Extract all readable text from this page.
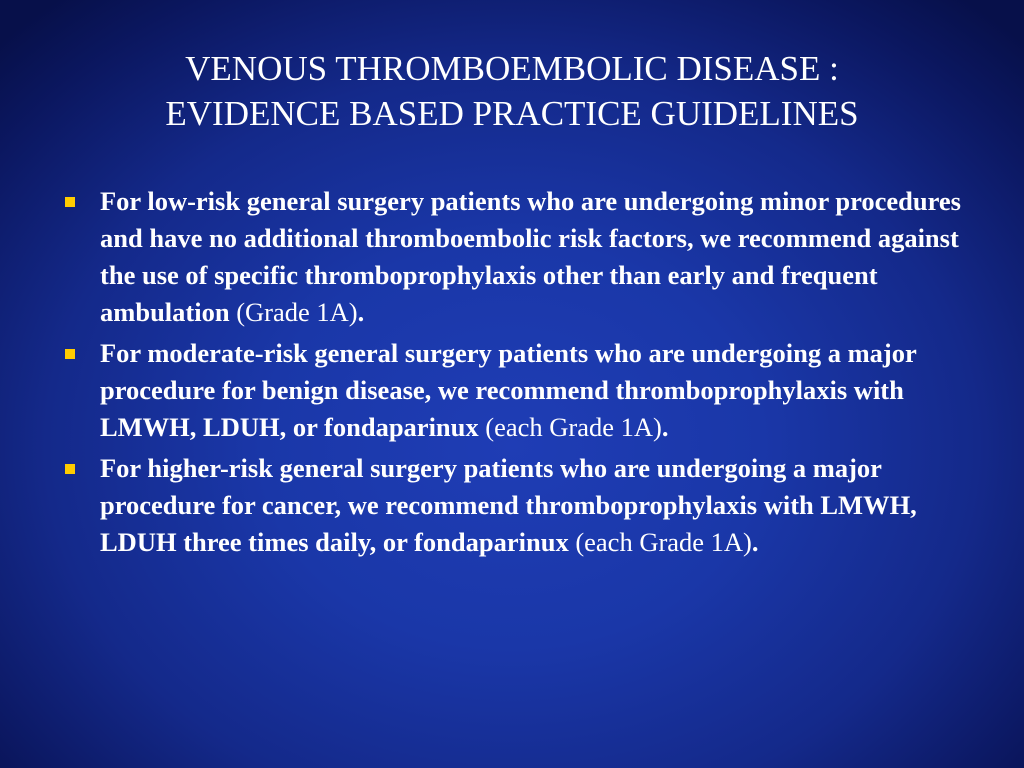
VENOUS THROMBOEMBOLIC DISEASE :
EVIDENCE BASED PRACTICE GUIDELINES
For low-risk general surgery patients who are undergoing minor procedures and have no additional thromboembolic risk factors, we recommend against the use of specific thromboprophylaxis other than early and frequent ambulation (Grade 1A).
For moderate-risk general surgery patients who are undergoing a major procedure for benign disease, we recommend thromboprophylaxis with LMWH, LDUH, or fondaparinux (each Grade 1A).
For higher-risk general surgery patients who are undergoing a major procedure for cancer, we recommend thromboprophylaxis with LMWH, LDUH three times daily, or fondaparinux (each Grade 1A).
